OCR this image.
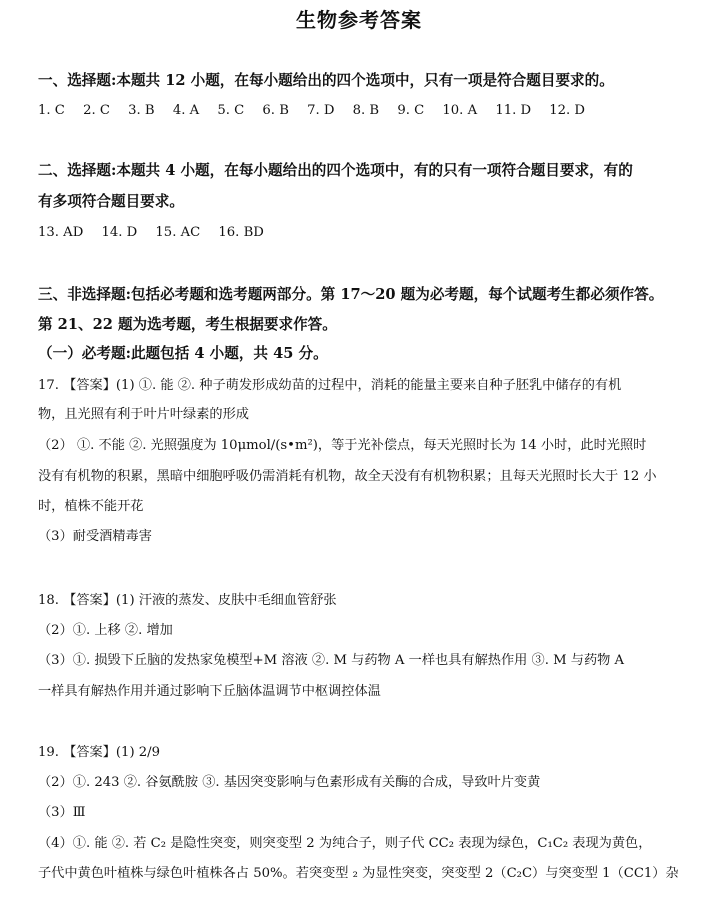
生物参考答案
一、选择题:本题共 12 小题，在每小题给出的四个选项中，只有一项是符合题目要求的。
1. C 2. C 3. B 4. A 5. C 6. B 7. D 8. B 9. C 10. A 11. D 12. D
二、选择题:本题共 4 小题，在每小题给出的四个选项中，有的只有一项符合题目要求，有的
有多项符合题目要求。
13. AD 14. D 15. AC 16. BD
三、非选择题:包括必考题和选考题两部分。第 17～20 题为必考题，每个试题考生都必须作答。
第 21、22 题为选考题，考生根据要求作答。
（一）必考题:此题包括 4 小题，共 45 分。
17. 【答案】(1) ①. 能 ②. 种子萌发形成幼苗的过程中，消耗的能量主要来自种子胚乳中储存的有机
物，且光照有利于叶片叶绿素的形成
（2） ①. 不能 ②. 光照强度为 10μmol/(s•m²)，等于光补偿点，每天光照时长为 14 小时，此时光照时
没有有机物的积累，黑暗中细胞呼吸仍需消耗有机物，故全天没有有机物积累；且每天光照时长大于 12 小
时，植株不能开花
（3）耐受酒精毒害
18. 【答案】(1) 汗液的蒸发、皮肤中毛细血管舒张
（2）①. 上移 ②. 增加
（3）①. 损毁下丘脑的发热家兔模型+M 溶液 ②. M 与药物 A 一样也具有解热作用 ③. M 与药物 A
一样具有解热作用并通过影响下丘脑体温调节中枢调控体温
19. 【答案】(1) 2/9
（2）①. 243 ②. 谷氨酰胺 ③. 基因突变影响与色素形成有关酶的合成，导致叶片变黄
（3）Ⅲ
（4）①. 能 ②. 若 C₂ 是隐性突变，则突变型 2 为纯合子，则子代 CC₂ 表现为绿色，C₁C₂ 表现为黄色，
子代中黄色叶植株与绿色叶植株各占 50%。若突变型 ₂ 为显性突变，突变型 2（C₂C）与突变型 1（CC1）杂
